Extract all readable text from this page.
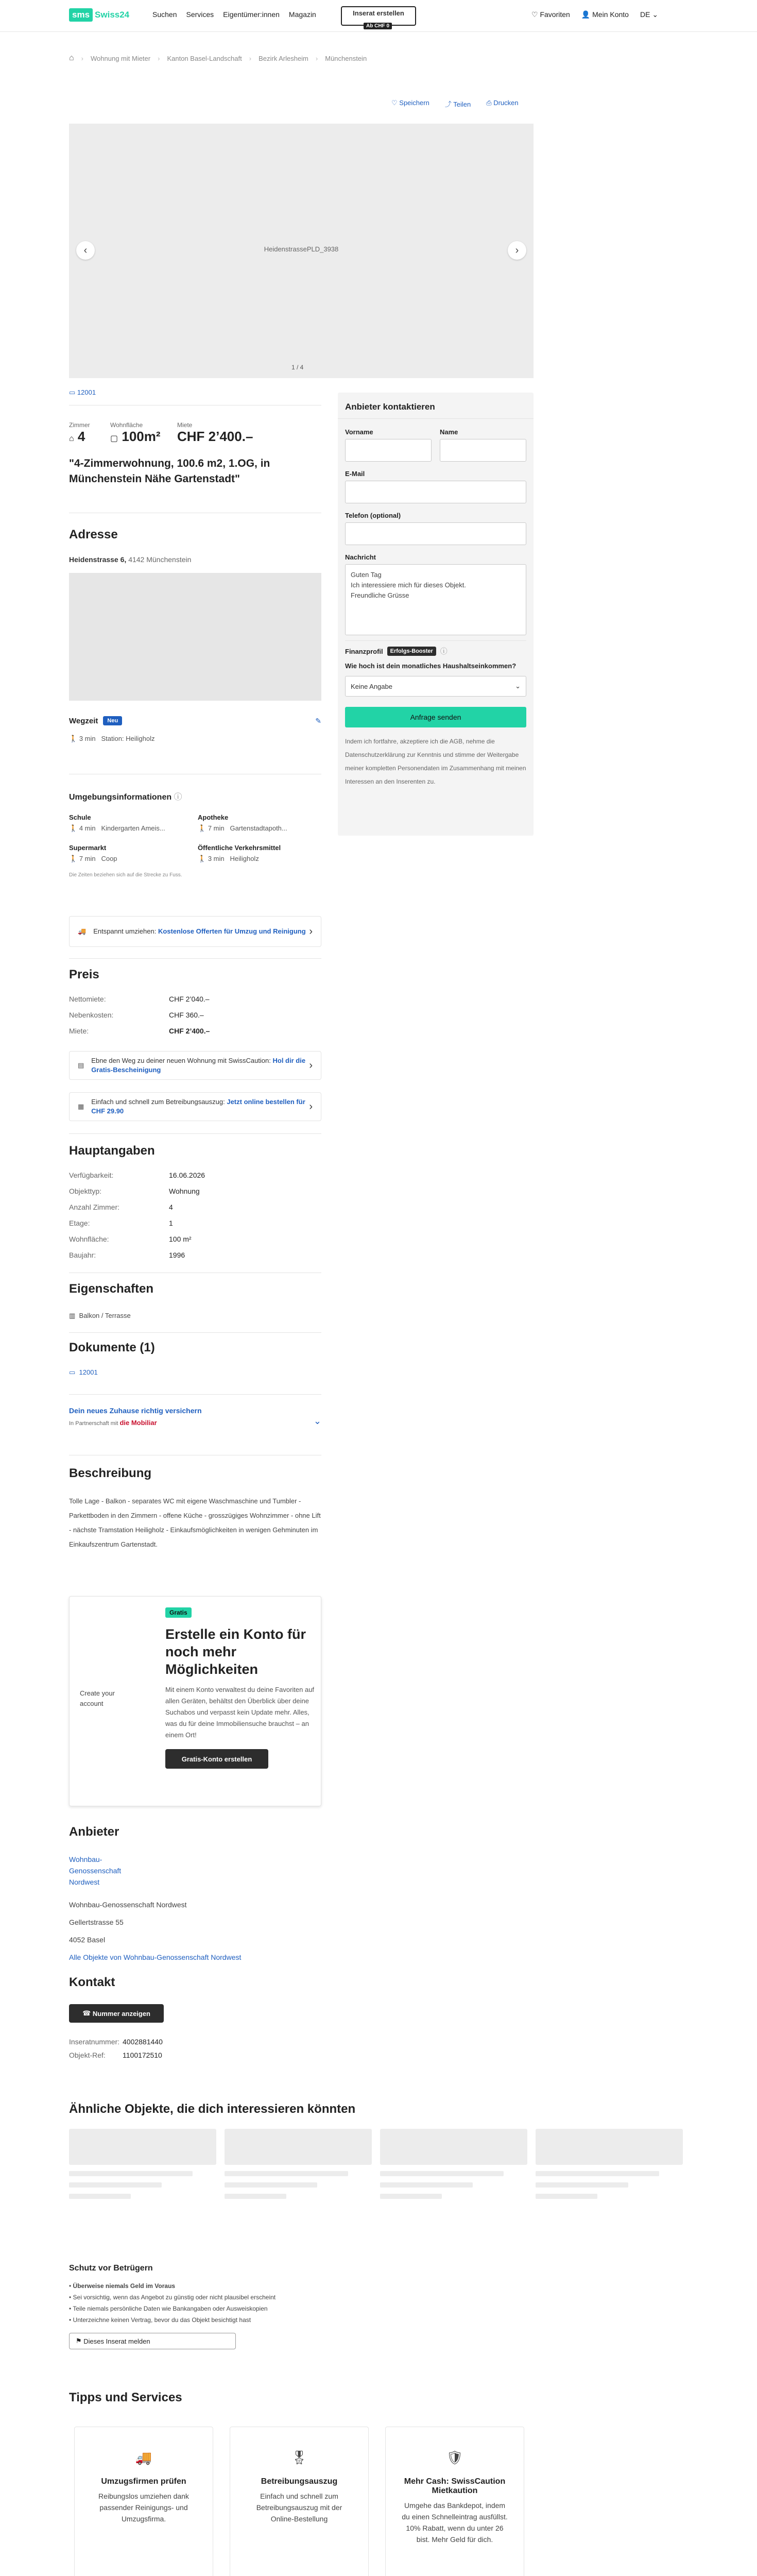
sms Swiss24	Suchen Services Eigentümer:innen Magazin	Inserat erstellen
Ab CHF 0
♡ Favoriten 👤 Mein Konto DE ⌄
⌂ › Wohnung mit Mieter › Kanton Basel-Landschaft › Bezirk Arlesheim › Münchenstein
♡ Speichern ⤴ Teilen ⎙ Drucken
HeidenstrassePLD_3938
‹	›
1 / 4
▭ 12001
Zimmer
⌂ 4
Wohnfläche
▢ 100m²
Miete
CHF 2’400.–
"4-Zimmerwohnung, 100.6 m2, 1.OG, in Münchenstein Nähe Gartenstadt"
Adresse
Heidenstrasse 6, 4142 Münchenstein
Wegzeit	Neu	✎
🚶 3 min Station: Heiligholz
Umgebungsinformationen ⓘ
Schule
🚶 4 min Kindergarten Ameis...
Apotheke
🚶 7 min Gartenstadtapoth...
Supermarkt
🚶 7 min Coop
Öffentliche Verkehrsmittel
🚶 3 min Heiligholz
Die Zeiten beziehen sich auf die Strecke zu Fuss.
🚚 Entspannt umziehen: Kostenlose Offerten für Umzug und Reinigung ›
Preis
Nettomiete:	CHF 2’040.–
Nebenkosten:	CHF 360.–
Miete:	CHF 2’400.–
▤
Ebne den Weg zu deiner neuen Wohnung mit SwissCaution: Hol dir die Gratis-Bescheinigung	›
▦
Einfach und schnell zum Betreibungsauszug: Jetzt online bestellen für CHF 29.90	›
Hauptangaben
Verfügbarkeit:	16.06.2026
Objekttyp:	Wohnung
Anzahl Zimmer:	4
Etage:	1
Wohnfläche:	100 m²
Baujahr:	1996
Eigenschaften
▥ Balkon / Terrasse
Dokumente (1)
▭ 12001
Dein neues Zuhause richtig versichern
In Partnerschaft mit die Mobiliar	⌄
Beschreibung
Tolle Lage - Balkon - separates WC mit eigene Waschmaschine und Tumbler - Parkettboden in den Zimmern - offene Küche - grosszügiges Wohnzimmer - ohne Lift - nächste Tramstation Heiligholz - Einkaufsmöglichkeiten in wenigen Gehminuten im Einkaufszentrum Gartenstadt.
Create your account
Gratis
Erstelle ein Konto für noch mehr Möglichkeiten
Mit einem Konto verwaltest du deine Favoriten auf allen Geräten, behältst den Überblick über deine Suchabos und verpasst kein Update mehr. Alles, was du für deine Immobiliensuche brauchst – an einem Ort!
Gratis-Konto erstellen
Anbieter
Wohnbau-Genossenschaft Nordwest
Wohnbau-Genossenschaft Nordwest
Gellertstrasse 55
4052 Basel
Alle Objekte von Wohnbau-Genossenschaft Nordwest
Kontakt
☎
Nummer anzeigen
Inseratnummer: 4002881440
Objekt-Ref:	1100172510
Ähnliche Objekte, die dich interessieren könnten
Schutz vor Betrügern
• Überweise niemals Geld im Voraus
• Sei vorsichtig, wenn das Angebot zu günstig oder nicht plausibel erscheint
• Teile niemals persönliche Daten wie Bankangaben oder Ausweiskopien
• Unterzeichne keinen Vertrag, bevor du das Objekt besichtigt hast
⚑
Dieses Inserat melden
Tipps und Services
🚚
Umzugsfirmen prüfen
Reibungslos umziehen dank passender Reinigungs- und Umzugsfirma.
🎖
Betreibungsauszug
Einfach und schnell zum Betreibungsauszug mit der Online-Bestellung
🛡
Mehr Cash: SwissCaution Mietkaution
Umgehe das Bankdepot, indem du einen Schnelleintrag ausfüllst. 10% Rabatt, wenn du unter 26 bist. Mehr Geld für dich.
Anbieter kontaktieren
Vorname	Name
E-Mail
Telefon (optional)
Nachricht
Guten Tag
Ich interessiere mich für dieses Objekt.
Freundliche Grüsse
Finanzprofil	Erfolgs-Booster	ⓘ
Wie hoch ist dein monatliches Haushaltseinkommen?
Keine Angabe	⌄
Anfrage senden
Indem ich fortfahre, akzeptiere ich die AGB, nehme die Datenschutzerklärung zur Kenntnis und stimme der Weitergabe meiner kompletten Personendaten im Zusammenhang mit meinen Interessen an den Inserenten zu.
